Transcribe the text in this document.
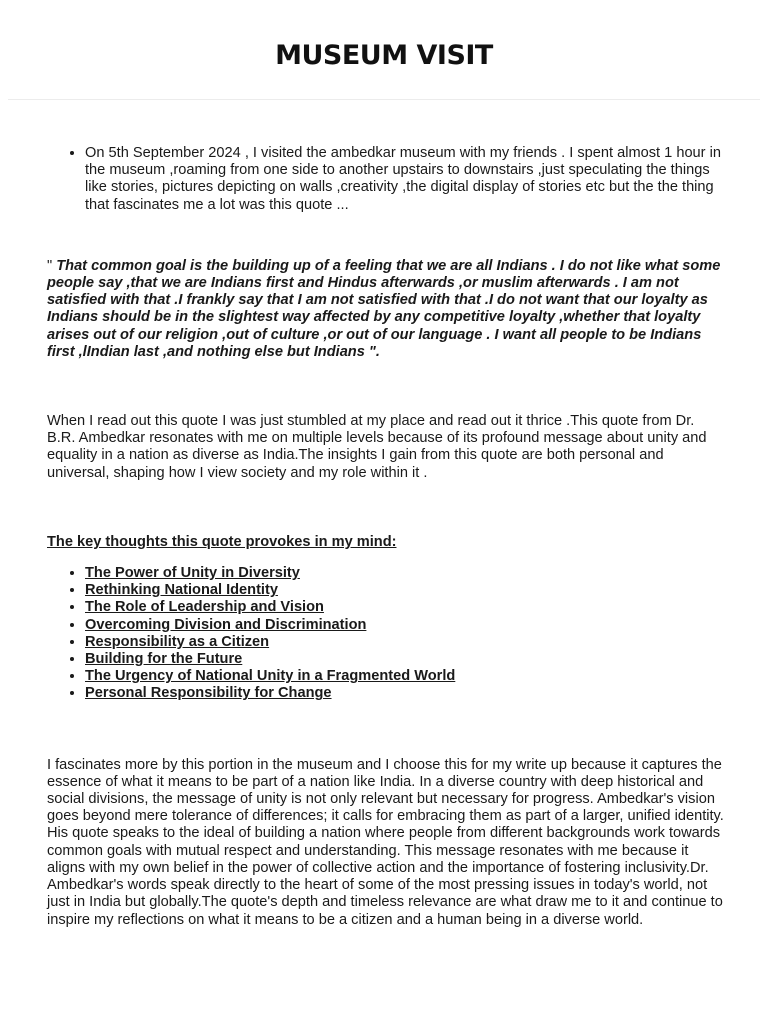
MUSEUM VISIT
• On 5th September 2024 , I visited the ambedkar museum with my friends . I spent almost 1 hour in the museum ,roaming from one side to another upstairs to downstairs ,just speculating the things like stories, pictures depicting on walls ,creativity ,the digital display of stories etc but the the thing that fascinates me a lot was this quote ...

" That common goal is the building up of a feeling that we are all Indians . I do not like what some people say ,that we are Indians first and Hindus afterwards ,or muslim afterwards . I am not satisfied with that .I frankly say that I am not satisfied with that .I do not want that our loyalty as Indians should be in the slightest way affected by any competitive loyalty ,whether that loyalty arises out of our religion ,out of culture ,or out of our language . I want all people to be Indians first ,lIndian last ,and nothing else but Indians ".

When I read out this quote I was just stumbled at my place and read out it thrice .This quote from Dr. B.R. Ambedkar resonates with me on multiple levels because of its profound message about unity and equality in a nation as diverse as India.The insights I gain from this quote are both personal and universal, shaping how I view society and my role within it .

The key thoughts this quote provokes in my mind:

• The Power of Unity in Diversity
• Rethinking National Identity
• The Role of Leadership and Vision
• Overcoming Division and Discrimination
• Responsibility as a Citizen
• Building for the Future
• The Urgency of National Unity in a Fragmented World
• Personal Responsibility for Change

I fascinates more by this portion in the museum and I choose this for my write up because it captures the essence of what it means to be part of a nation like India. In a diverse country with deep historical and social divisions, the message of unity is not only relevant but necessary for progress. Ambedkar's vision goes beyond mere tolerance of differences; it calls for embracing them as part of a larger, unified identity. His quote speaks to the ideal of building a nation where people from different backgrounds work towards common goals with mutual respect and understanding. This message resonates with me because it aligns with my own belief in the power of collective action and the importance of fostering inclusivity.Dr. Ambedkar's words speak directly to the heart of some of the most pressing issues in today's world, not just in India but globally.The quote's depth and timeless relevance are what draw me to it and continue to inspire my reflections on what it means to be a citizen and a human being in a diverse world.
